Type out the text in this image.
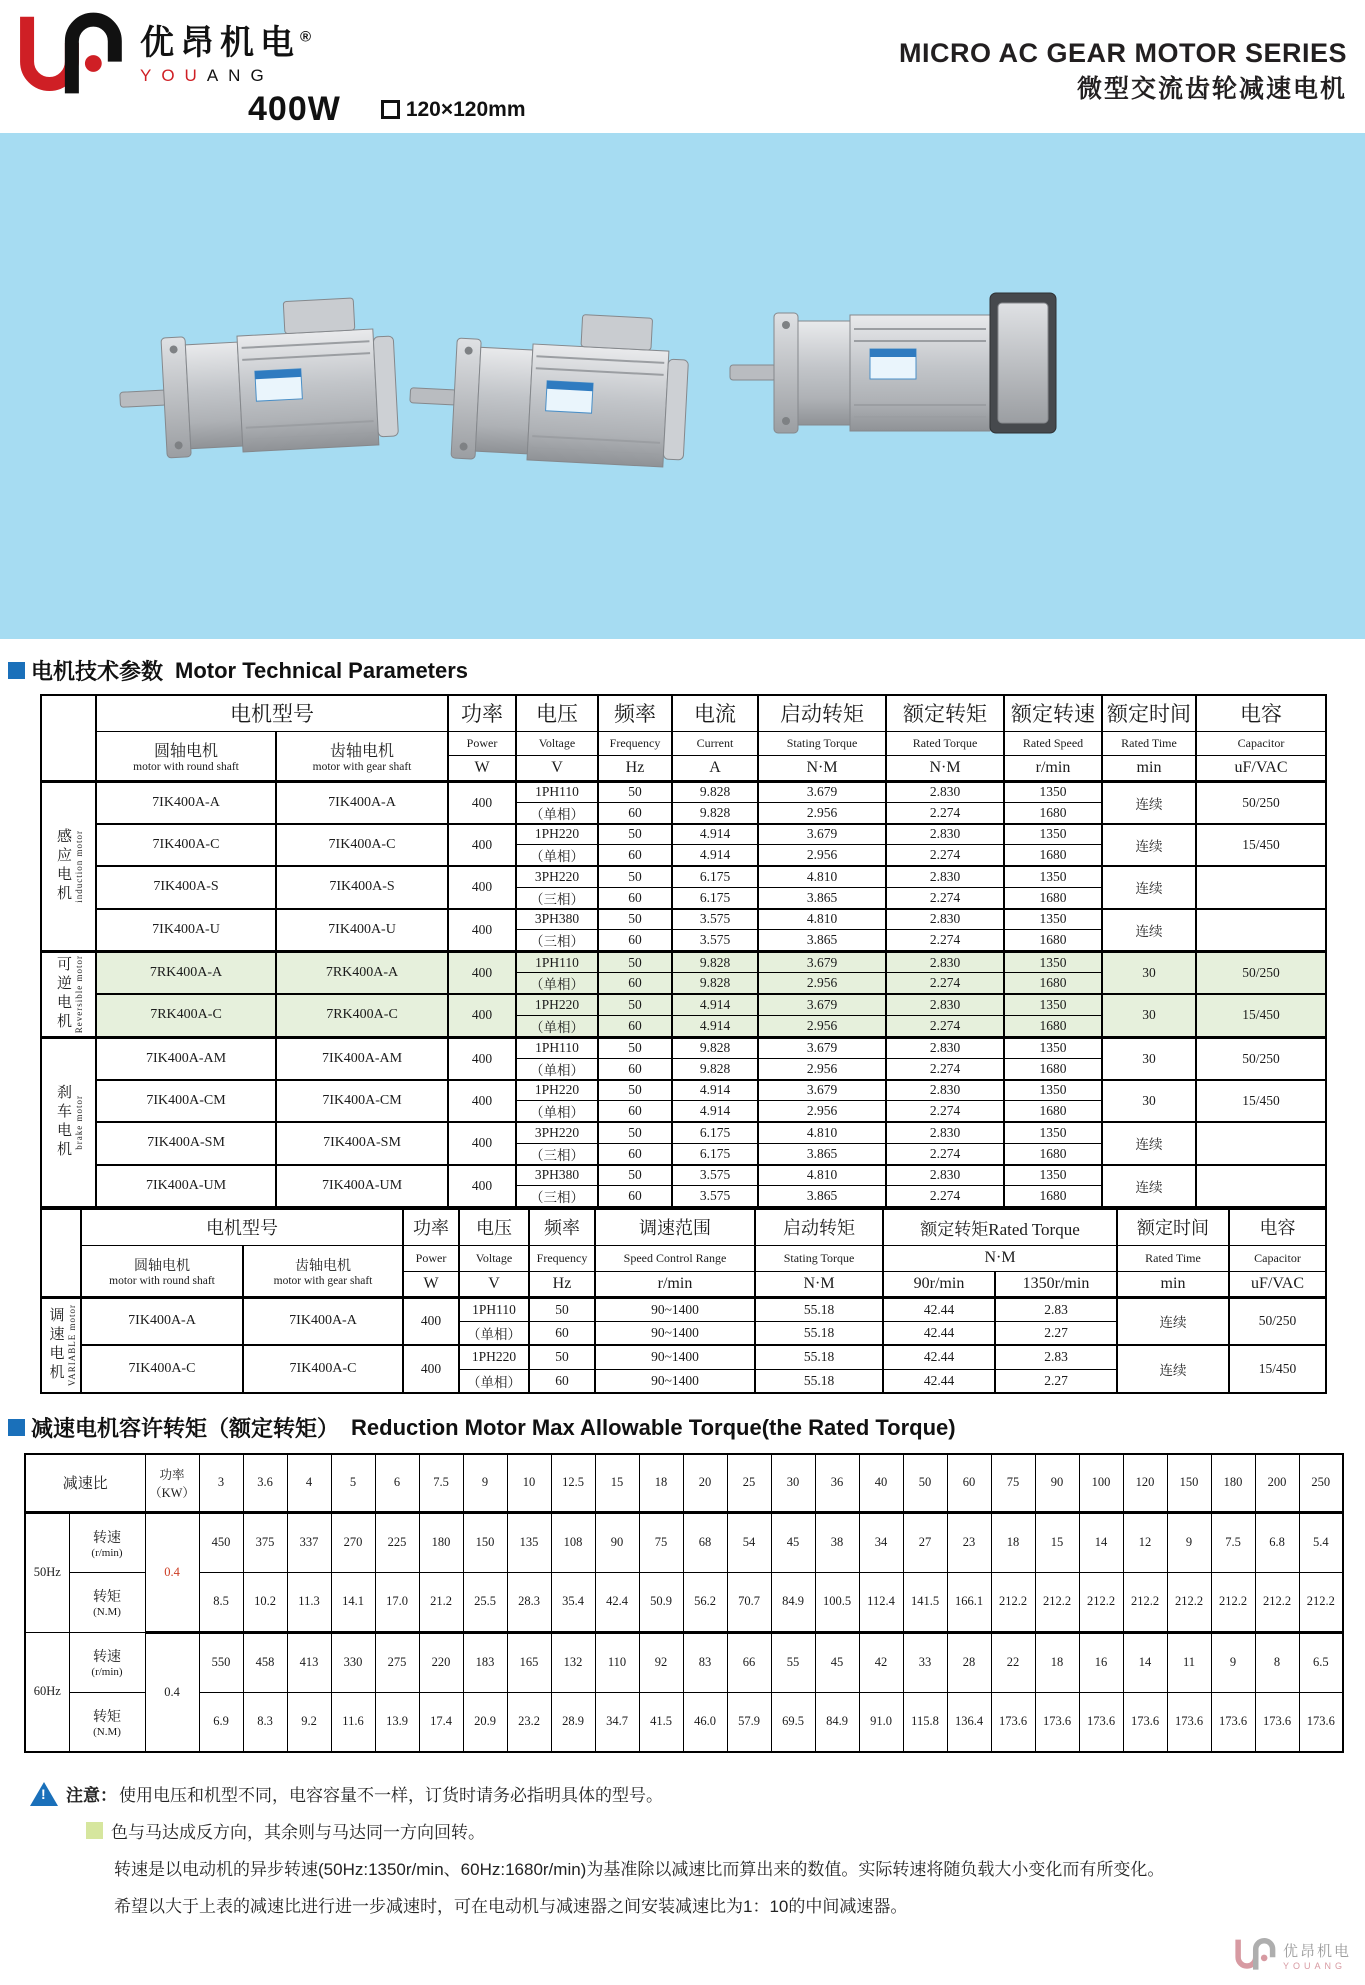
优昂机电®
YOUANG
MICRO AC GEAR MOTOR SERIES
微型交流齿轮减速电机
400W	120×120mm
电机技术参数 Motor Technical Parameters
	电机型号		功率	电压	频率	电流	启动转矩	额定转矩	额定转速	额定时间	电容

	圆轴电机
motor with round shaft	齿轴电机
motor with gear shaft	Power	Voltage	Frequency	Current	Stating Torque	Rated Torque	Rated Speed	Rated Time	Capacitor
			W	V	Hz	A	N·M	N·M	r/min	min	uF/VAC

感应电机 induction motor	7IK400A-A	7IK400A-A	400	1PH110	50	9.828	3.679	2.830	1350	连续	50/250
				（单相）	60	9.828	2.956	2.274	1680		
	7IK400A-C	7IK400A-C	400	1PH220	50	4.914	3.679	2.830	1350	连续	15/450
				（单相）	60	4.914	2.956	2.274	1680		
	7IK400A-S	7IK400A-S	400	3PH220	50	6.175	4.810	2.830	1350	连续	
				（三相）	60	6.175	3.865	2.274	1680		
	7IK400A-U	7IK400A-U	400	3PH380	50	3.575	4.810	2.830	1350	连续	
				（三相）	60	3.575	3.865	2.274	1680		

可逆电机 Reversible motor	7RK400A-A	7RK400A-A	400	1PH110	50	9.828	3.679	2.830	1350	30	50/250
				（单相）	60	9.828	2.956	2.274	1680		
	7RK400A-C	7RK400A-C	400	1PH220	50	4.914	3.679	2.830	1350	30	15/450
				（单相）	60	4.914	2.956	2.274	1680		

刹车电机 brake motor	7IK400A-AM	7IK400A-AM	400	1PH110	50	9.828	3.679	2.830	1350	30	50/250
				（单相）	60	9.828	2.956	2.274	1680		
	7IK400A-CM	7IK400A-CM	400	1PH220	50	4.914	3.679	2.830	1350	30	15/450
				（单相）	60	4.914	2.956	2.274	1680		
	7IK400A-SM	7IK400A-SM	400	3PH220	50	6.175	4.810	2.830	1350	连续	
				（三相）	60	6.175	3.865	2.274	1680		
	7IK400A-UM	7IK400A-UM	400	3PH380	50	3.575	4.810	2.830	1350	连续	
				（三相）	60	3.575	3.865	2.274	1680		
	电机型号		功率	电压	频率	调速范围	启动转矩	额定转矩Rated Torque		额定时间	电容

	圆轴电机
motor with round shaft	齿轴电机
motor with gear shaft	Power	Voltage	Frequency	Speed Control Range	Stating Torque	N·M		Rated Time	Capacitor
			W	V	Hz	r/min	N·M	90r/min	1350r/min	min	uF/VAC

调速电机 VARIABLE motor	7IK400A-A	7IK400A-A	400	1PH110	50	90~1400	55.18	42.44	2.83	连续	50/250
				（单相）	60	90~1400	55.18	42.44	2.27		
	7IK400A-C	7IK400A-C	400	1PH220	50	90~1400	55.18	42.44	2.83	连续	15/450
				（单相）	60	90~1400	55.18	42.44	2.27		
减速电机容许转矩（额定转矩） Reduction Motor Max Allowable Torque(the Rated Torque)
减速比		功率
（KW）	3	3.6	4	5	6	7.5	9	10	12.5	15	18	20	25	30	36	40	50	60	75	90	100	120	150	180	200	250
50Hz	转速
(r/min)	0.4	450	375	337	270	225	180	150	135	108	90	75	68	54	45	38	34	27	23	18	15	14	12	9	7.5	6.8	5.4

	转矩
(N.M)		8.5	10.2	11.3	14.1	17.0	21.2	25.5	28.3	35.4	42.4	50.9	56.2	70.7	84.9	100.5	112.4	141.5	166.1	212.2	212.2	212.2	212.2	212.2	212.2	212.2	212.2
60Hz	转速
(r/min)	0.4	550	458	413	330	275	220	183	165	132	110	92	83	66	55	45	42	33	28	22	18	16	14	11	9	8	6.5

	转矩
(N.M)		6.9	8.3	9.2	11.6	13.9	17.4	20.9	23.2	28.9	34.7	41.5	46.0	57.9	69.5	84.9	91.0	115.8	136.4	173.6	173.6	173.6	173.6	173.6	173.6	173.6	173.6
!
注意： 使用电压和机型不同，电容容量不一样，订货时请务必指明具体的型号。
色与马达成反方向，其余则与马达同一方向回转。
转速是以电动机的异步转速(50Hz:1350r/min、60Hz:1680r/min)为基准除以减速比而算出来的数值。实际转速将随负载大小变化而有所变化。
希望以大于上表的减速比进行进一步减速时，可在电动机与减速器之间安装减速比为1：10的中间减速器。
优昂机电
YOUANG
